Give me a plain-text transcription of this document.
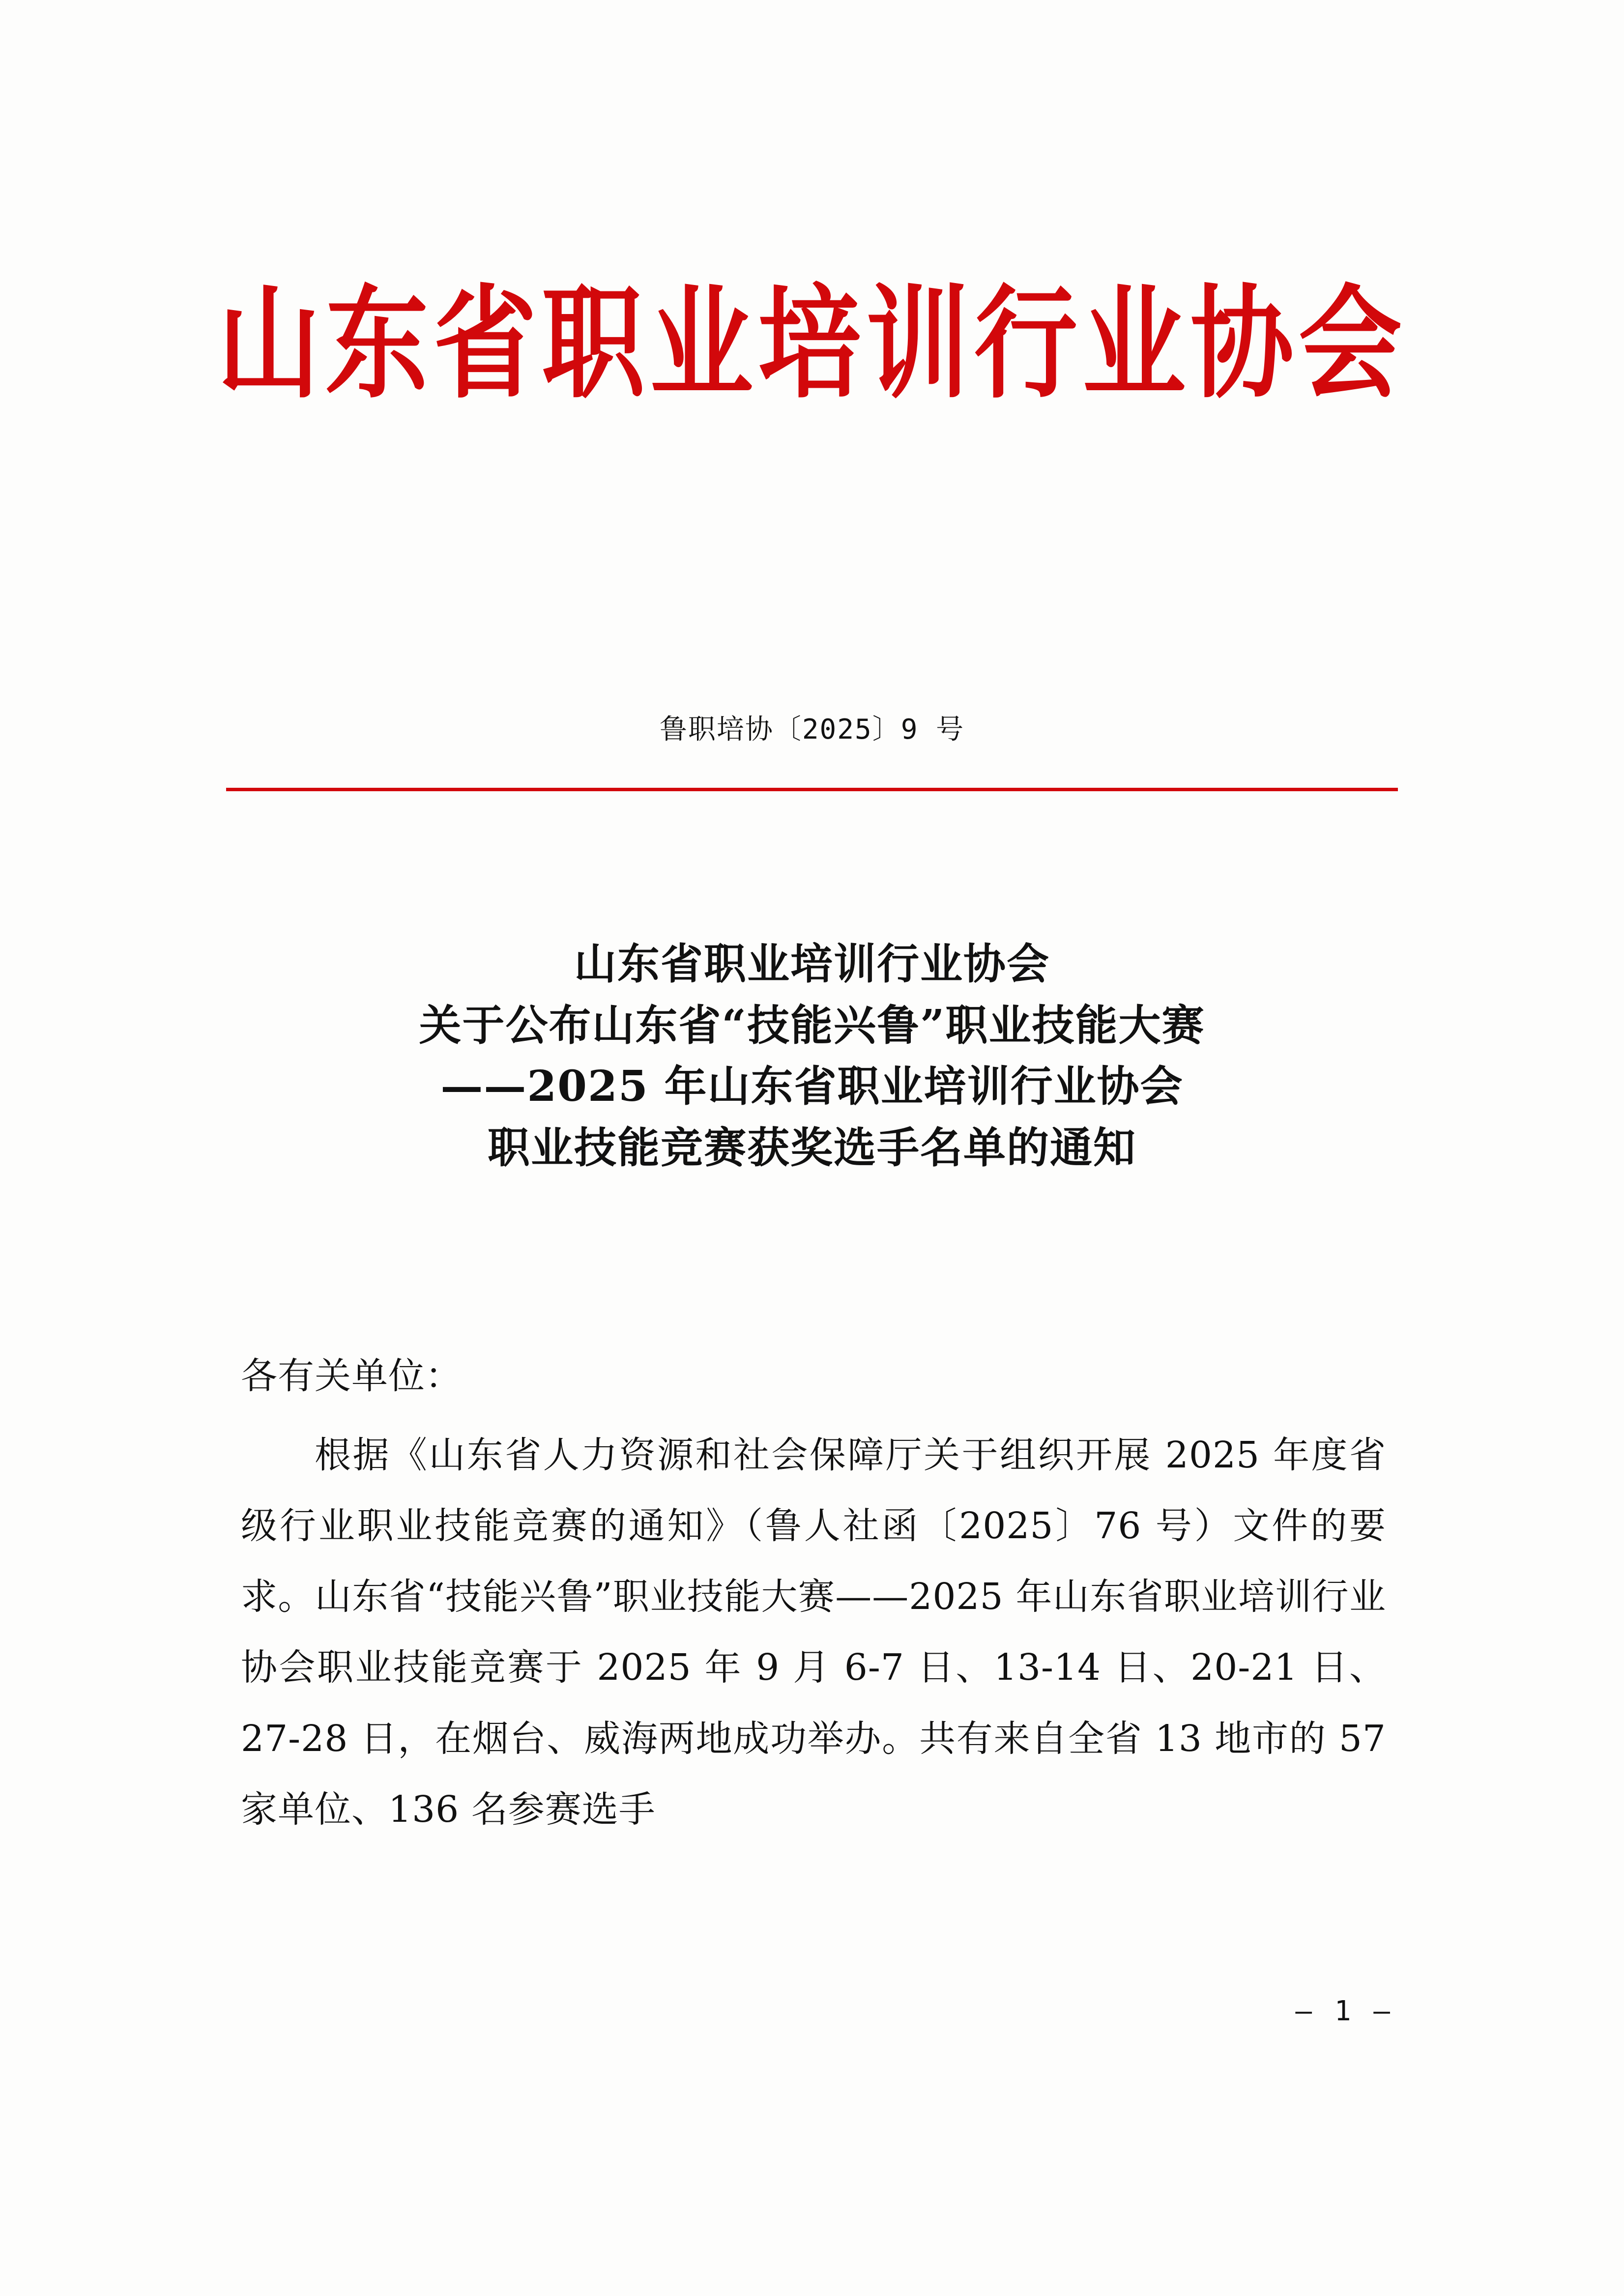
山东省职业培训行业协会
鲁职培协〔2025〕9 号
山东省职业培训行业协会
关于公布山东省“技能兴鲁”职业技能大赛
——2025 年山东省职业培训行业协会
职业技能竞赛获奖选手名单的通知
各有关单位：
根据《山东省人力资源和社会保障厅关于组织开展 2025 年度省级行业职业技能竞赛的通知》（鲁人社函〔2025〕76 号）文件的要求。山东省“技能兴鲁”职业技能大赛——2025 年山东省职业培训行业协会职业技能竞赛于 2025 年 9 月 6-7 日、13-14 日、20-21 日、27-28 日，在烟台、威海两地成功举办。共有来自全省 13 地市的 57 家单位、136 名参赛选手
— 1 —
